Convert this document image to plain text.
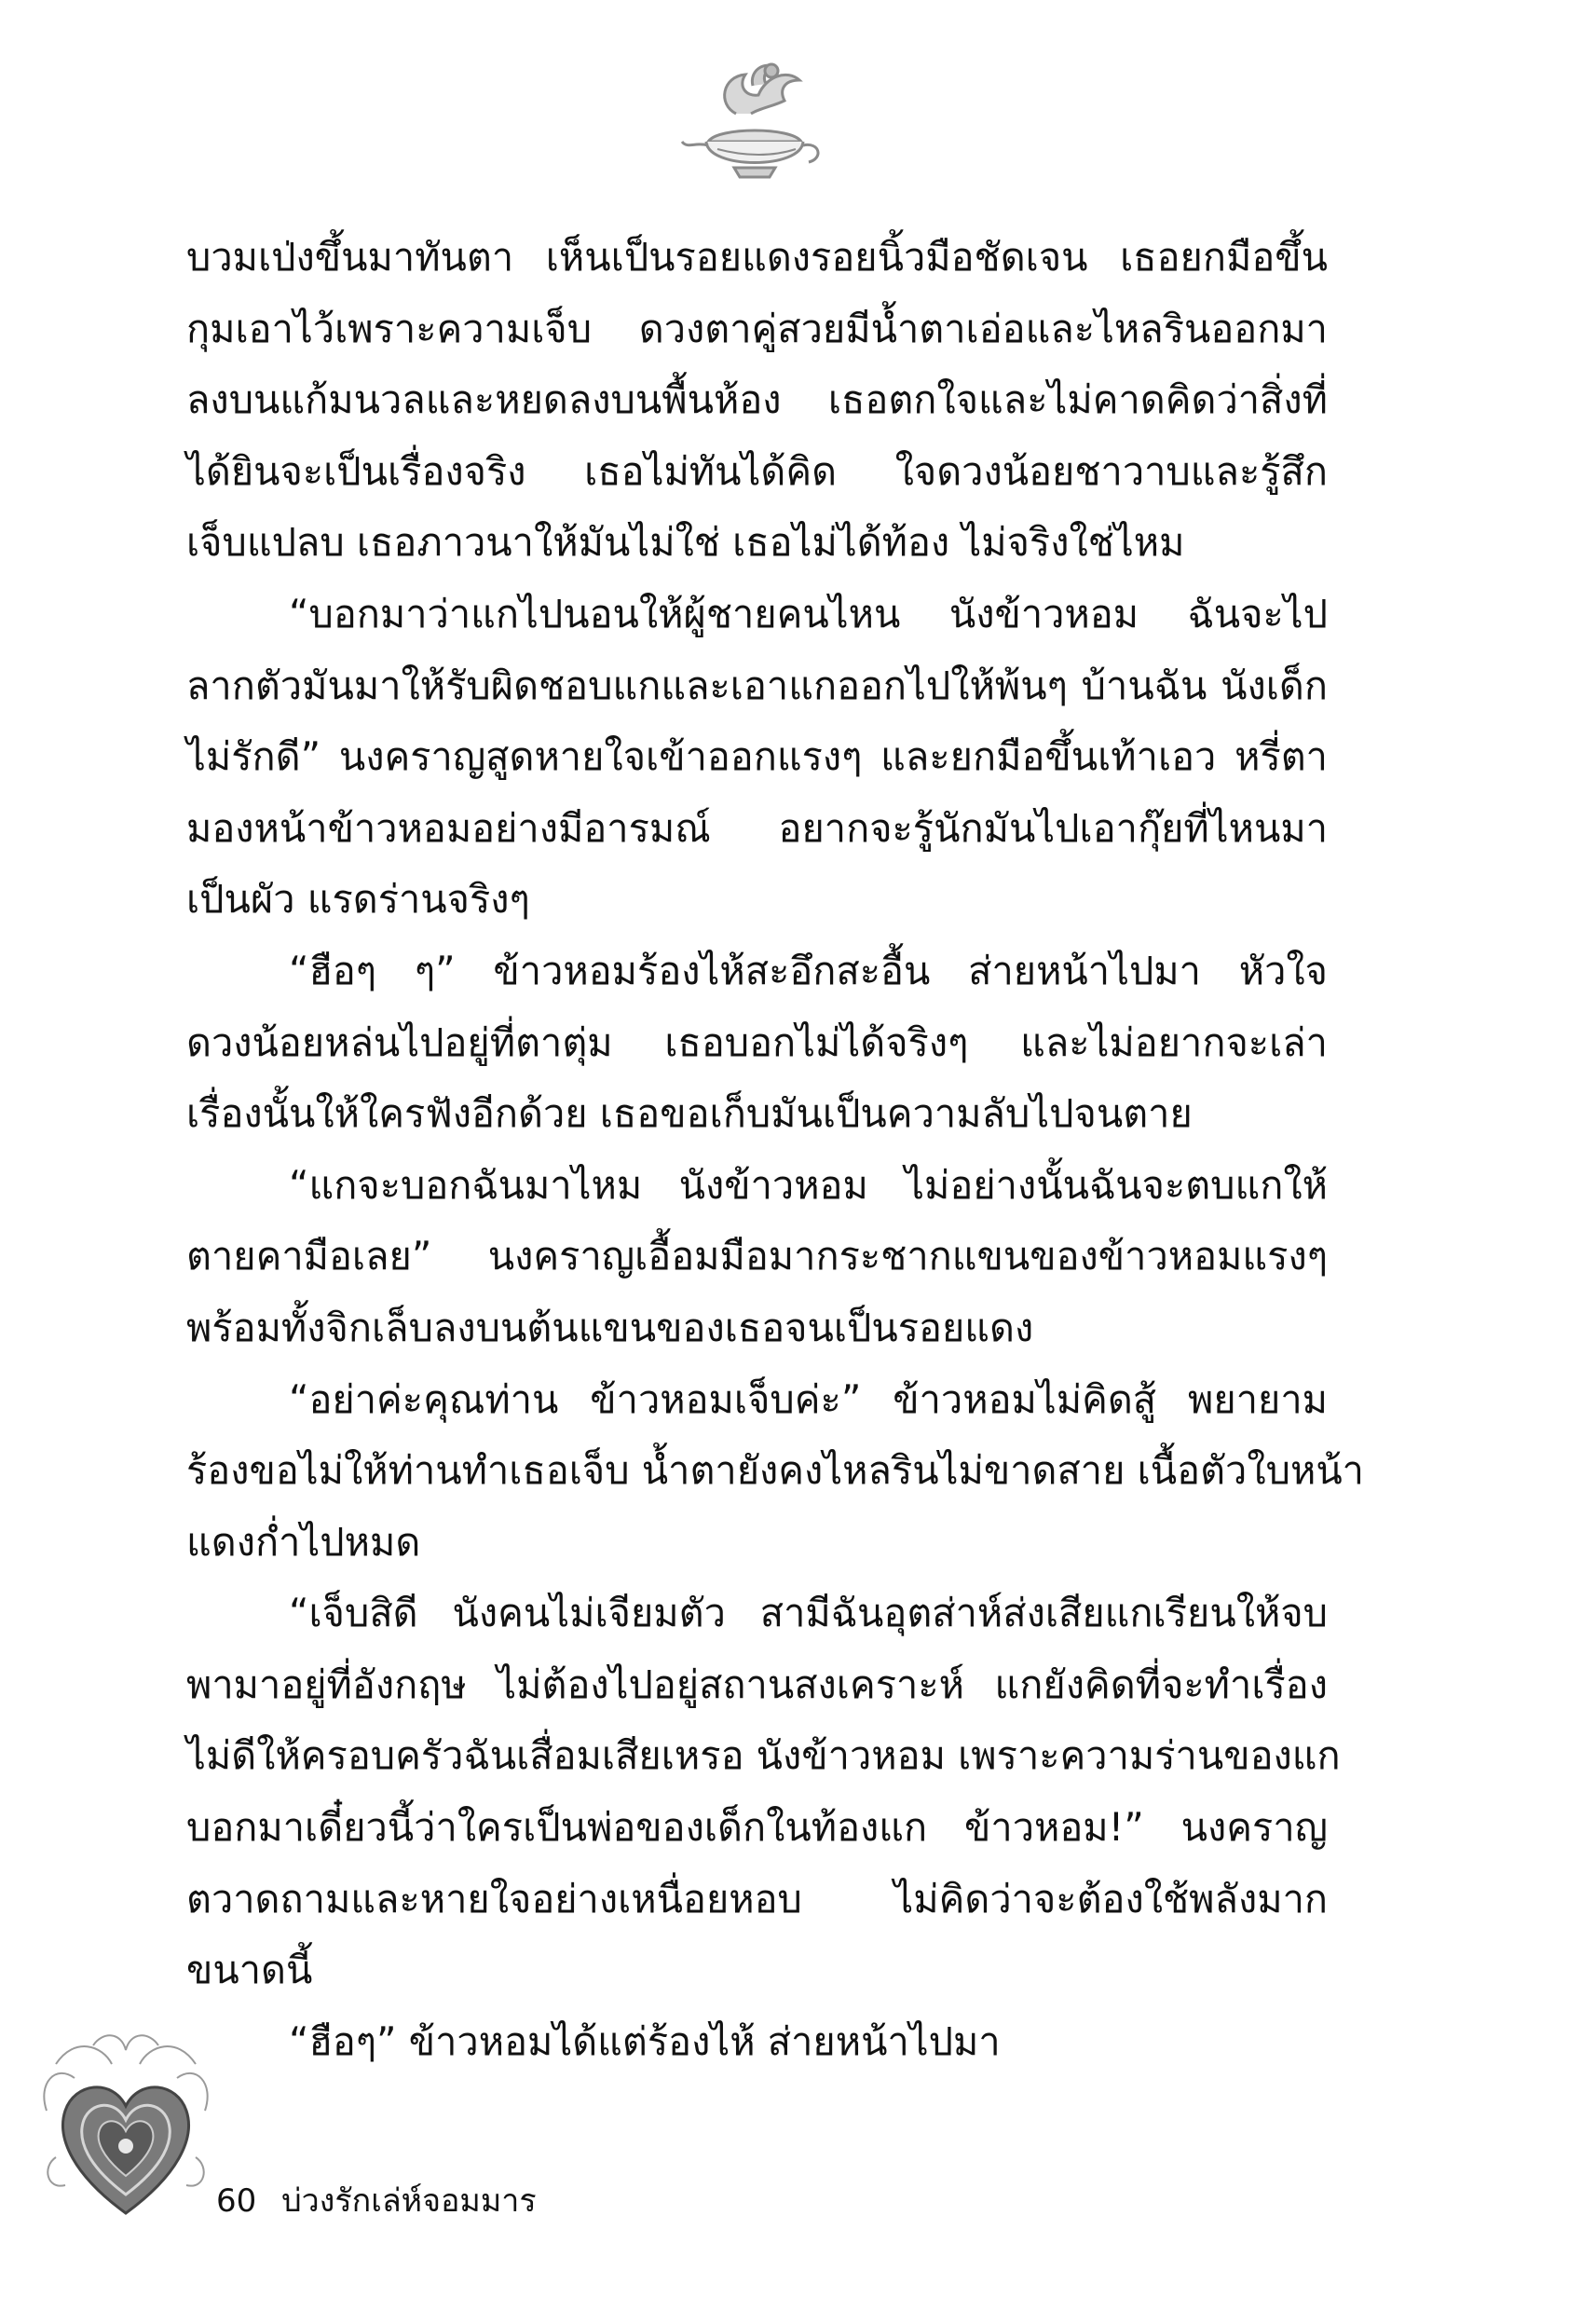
บวมเป่งขึ้นมาทันตา เห็นเป็นรอยแดงรอยนิ้วมือชัดเจน เธอยกมือขึ้น
กุมเอาไว้เพราะความเจ็บ ดวงตาคู่สวยมีน้ำตาเอ่อและไหลรินออกมา
ลงบนแก้มนวลและหยดลงบนพื้นห้อง เธอตกใจและไม่คาดคิดว่าสิ่งที่
ได้ยินจะเป็นเรื่องจริง เธอไม่ทันได้คิด ใจดวงน้อยชาวาบและรู้สึก
เจ็บแปลบ เธอภาวนาให้มันไม่ใช่ เธอไม่ได้ท้อง ไม่จริงใช่ไหม
“บอกมาว่าแกไปนอนให้ผู้ชายคนไหน นังข้าวหอม ฉันจะไป
ลากตัวมันมาให้รับผิดชอบแกและเอาแกออกไปให้พ้นๆ บ้านฉัน นังเด็ก
ไม่รักดี” นงคราญสูดหายใจเข้าออกแรงๆ และยกมือขึ้นเท้าเอว หรี่ตา
มองหน้าข้าวหอมอย่างมีอารมณ์ อยากจะรู้นักมันไปเอากุ๊ยที่ไหนมา
เป็นผัว แรดร่านจริงๆ
“ฮือๆ ๆ” ข้าวหอมร้องไห้สะอึกสะอื้น ส่ายหน้าไปมา หัวใจ
ดวงน้อยหล่นไปอยู่ที่ตาตุ่ม เธอบอกไม่ได้จริงๆ และไม่อยากจะเล่า
เรื่องนั้นให้ใครฟังอีกด้วย เธอขอเก็บมันเป็นความลับไปจนตาย
“แกจะบอกฉันมาไหม นังข้าวหอม ไม่อย่างนั้นฉันจะตบแกให้
ตายคามือเลย” นงคราญเอื้อมมือมากระชากแขนของข้าวหอมแรงๆ
พร้อมทั้งจิกเล็บลงบนต้นแขนของเธอจนเป็นรอยแดง
“อย่าค่ะคุณท่าน ข้าวหอมเจ็บค่ะ” ข้าวหอมไม่คิดสู้ พยายาม
ร้องขอไม่ให้ท่านทำเธอเจ็บ น้ำตายังคงไหลรินไม่ขาดสาย เนื้อตัวใบหน้า
แดงก่ำไปหมด
“เจ็บสิดี นังคนไม่เจียมตัว สามีฉันอุตส่าห์ส่งเสียแกเรียนให้จบ
พามาอยู่ที่อังกฤษ ไม่ต้องไปอยู่สถานสงเคราะห์ แกยังคิดที่จะทำเรื่อง
ไม่ดีให้ครอบครัวฉันเสื่อมเสียเหรอ นังข้าวหอม เพราะความร่านของแก
บอกมาเดี๋ยวนี้ว่าใครเป็นพ่อของเด็กในท้องแก ข้าวหอม!” นงคราญ
ตวาดถามและหายใจอย่างเหนื่อยหอบ ไม่คิดว่าจะต้องใช้พลังมาก
ขนาดนี้
“ฮือๆ” ข้าวหอมได้แต่ร้องไห้ ส่ายหน้าไปมา
60 บ่วงรักเล่ห์จอมมาร
